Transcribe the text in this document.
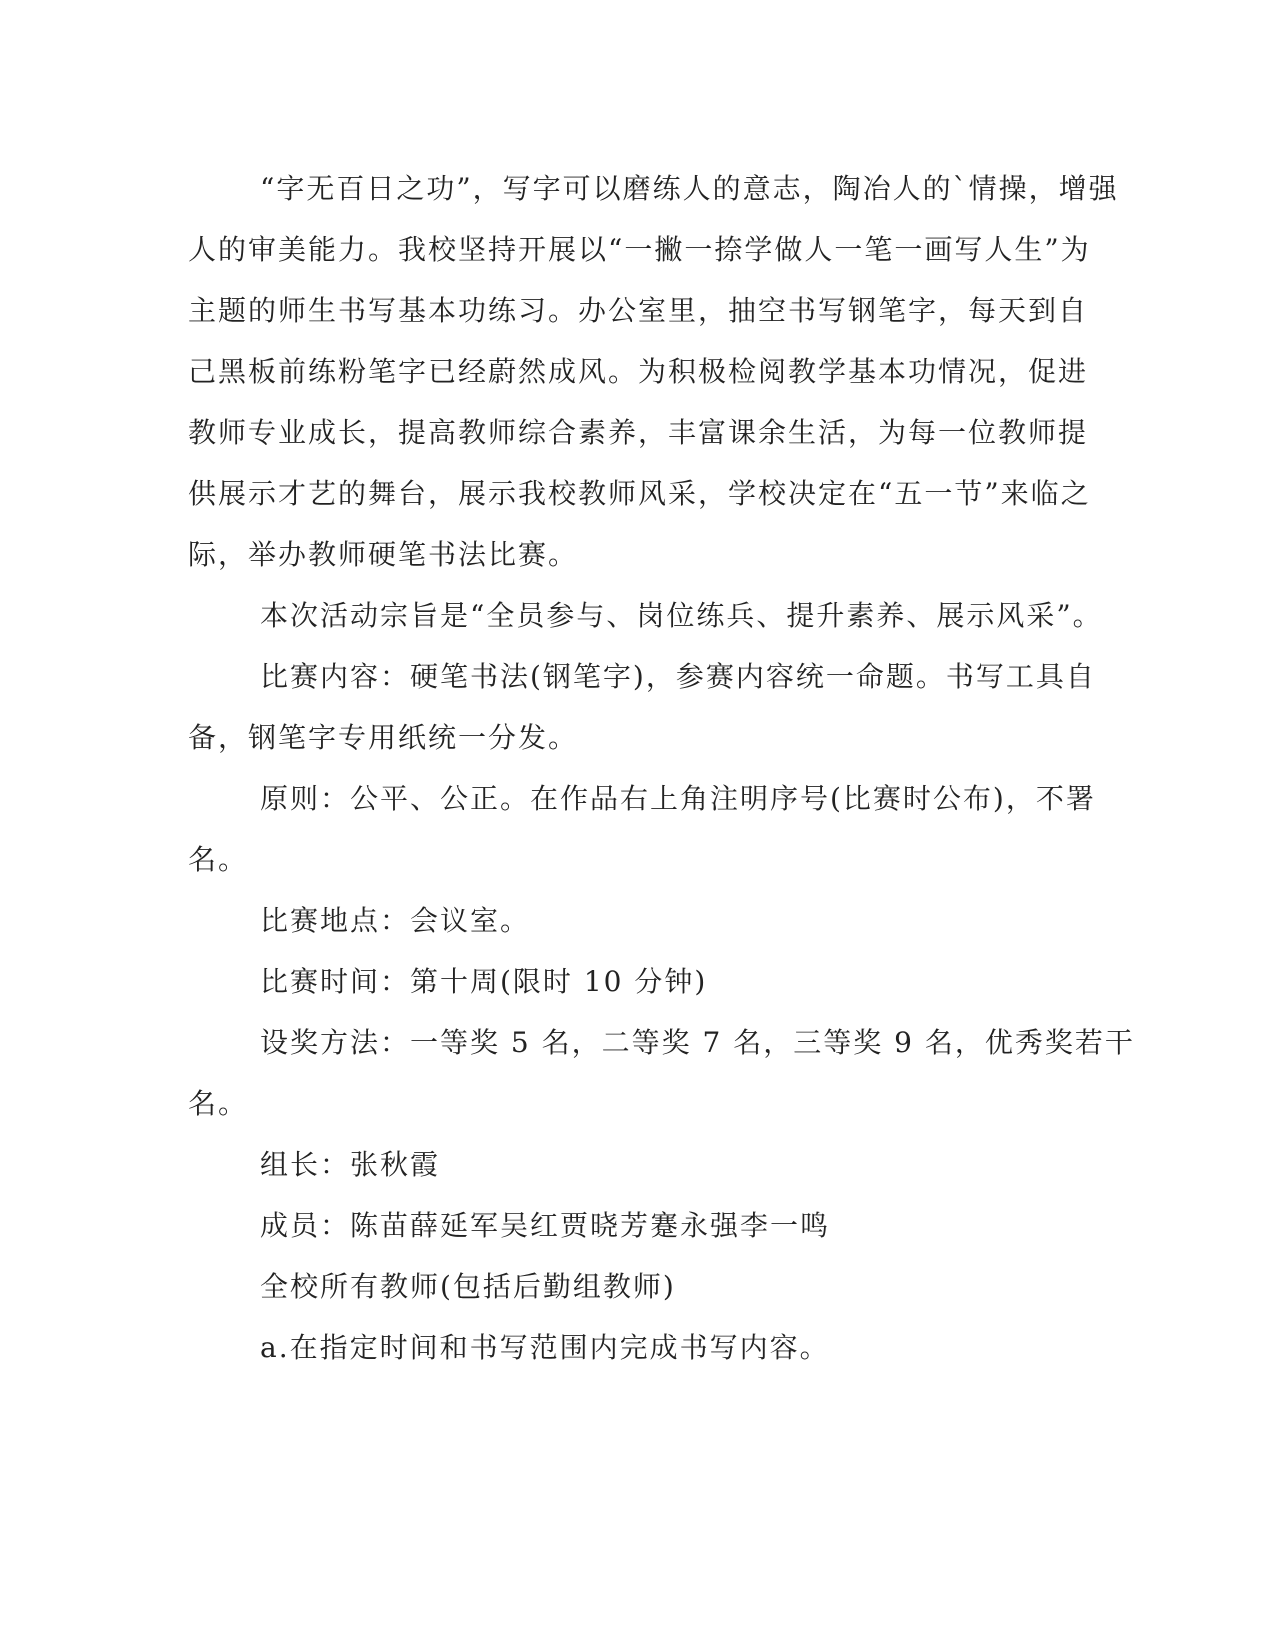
“字无百日之功”，写字可以磨练人的意志，陶冶人的`情操，增强
人的审美能力。我校坚持开展以“一撇一捺学做人一笔一画写人生”为
主题的师生书写基本功练习。办公室里，抽空书写钢笔字，每天到自
己黑板前练粉笔字已经蔚然成风。为积极检阅教学基本功情况，促进
教师专业成长，提高教师综合素养，丰富课余生活，为每一位教师提
供展示才艺的舞台，展示我校教师风采，学校决定在“五一节”来临之
际，举办教师硬笔书法比赛。
本次活动宗旨是“全员参与、岗位练兵、提升素养、展示风采”。
比赛内容：硬笔书法(钢笔字)，参赛内容统一命题。书写工具自
备，钢笔字专用纸统一分发。
原则：公平、公正。在作品右上角注明序号(比赛时公布)，不署
名。
比赛地点：会议室。
比赛时间：第十周(限时 10 分钟)
设奖方法：一等奖 5 名，二等奖 7 名，三等奖 9 名，优秀奖若干
名。
组长：张秋霞
成员：陈苗薛延军吴红贾晓芳蹇永强李一鸣
全校所有教师(包括后勤组教师)
a.在指定时间和书写范围内完成书写内容。
